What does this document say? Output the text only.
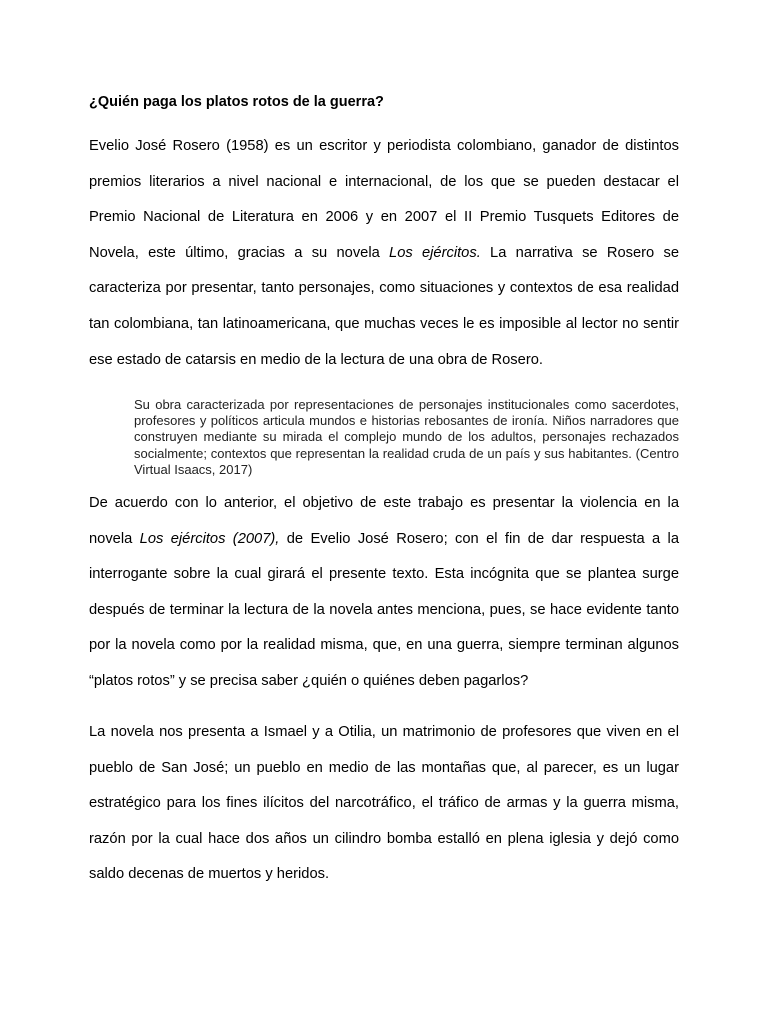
¿Quién paga los platos rotos de la guerra?

Evelio José Rosero (1958) es un escritor y periodista colombiano, ganador de distintos premios literarios a nivel nacional e internacional, de los que se pueden destacar el Premio Nacional de Literatura en 2006 y en 2007 el II Premio Tusquets Editores de Novela, este último, gracias a su novela Los ejércitos. La narrativa se Rosero se caracteriza por presentar, tanto personajes, como situaciones y contextos de esa realidad tan colombiana, tan latinoamericana, que muchas veces le es imposible al lector no sentir ese estado de catarsis en medio de la lectura de una obra de Rosero.

Su obra caracterizada por representaciones de personajes institucionales como sacerdotes, profesores y políticos articula mundos e historias rebosantes de ironía. Niños narradores que construyen mediante su mirada el complejo mundo de los adultos, personajes rechazados socialmente; contextos que representan la realidad cruda de un país y sus habitantes. (Centro Virtual Isaacs, 2017)

De acuerdo con lo anterior, el objetivo de este trabajo es presentar la violencia en la novela Los ejércitos (2007), de Evelio José Rosero; con el fin de dar respuesta a la interrogante sobre la cual girará el presente texto. Esta incógnita que se plantea surge después de terminar la lectura de la novela antes menciona, pues, se hace evidente tanto por la novela como por la realidad misma, que, en una guerra, siempre terminan algunos “platos rotos” y se precisa saber ¿quién o quiénes deben pagarlos?

La novela nos presenta a Ismael y a Otilia, un matrimonio de profesores que viven en el pueblo de San José; un pueblo en medio de las montañas que, al parecer, es un lugar estratégico para los fines ilícitos del narcotráfico, el tráfico de armas y la guerra misma, razón por la cual hace dos años un cilindro bomba estalló en plena iglesia y dejó como saldo decenas de muertos y heridos.
